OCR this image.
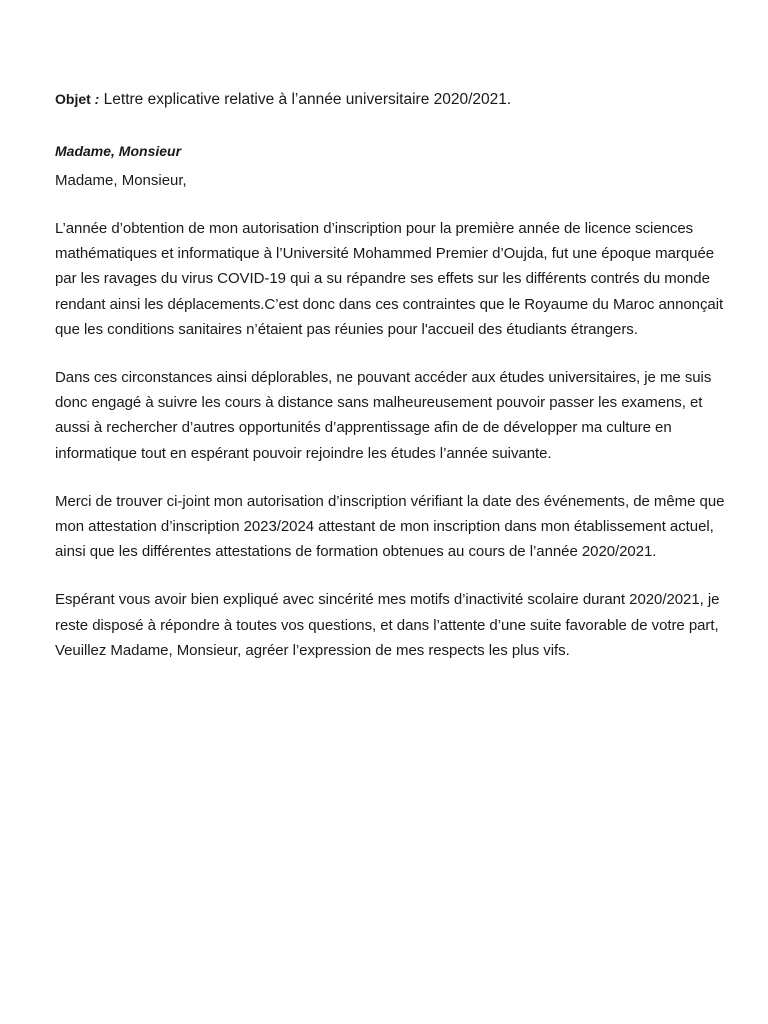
Objet : Lettre explicative relative à l’année universitaire 2020/2021.

Madame, Monsieur

Madame, Monsieur,

L’année d’obtention de mon autorisation d’inscription pour la première année de licence sciences mathématiques et informatique à l’Université Mohammed Premier d’Oujda, fut une époque marquée par les ravages du virus COVID-19 qui a su répandre ses effets sur les différents contrés du monde rendant ainsi les déplacements.C’est donc dans ces contraintes que le Royaume du Maroc annonçait que les conditions sanitaires n’étaient pas réunies pour l'accueil des étudiants étrangers.

Dans ces circonstances ainsi déplorables, ne pouvant accéder aux études universitaires, je me suis donc engagé à suivre les cours à distance sans malheureusement pouvoir passer les examens, et aussi à rechercher d’autres opportunités d’apprentissage afin de de développer ma culture en informatique tout en espérant pouvoir rejoindre les études l’année suivante.

Merci de trouver ci-joint mon autorisation d’inscription vérifiant la date des événements, de même que mon attestation d’inscription 2023/2024 attestant de mon inscription dans mon établissement actuel, ainsi que les différentes attestations de formation obtenues au cours de l’année 2020/2021.

Espérant vous avoir bien expliqué avec sincérité mes motifs d’inactivité scolaire durant 2020/2021, je reste disposé à répondre à toutes vos questions, et dans l’attente d’une suite favorable de votre part, Veuillez Madame, Monsieur, agréer l’expression de mes respects les plus vifs.
